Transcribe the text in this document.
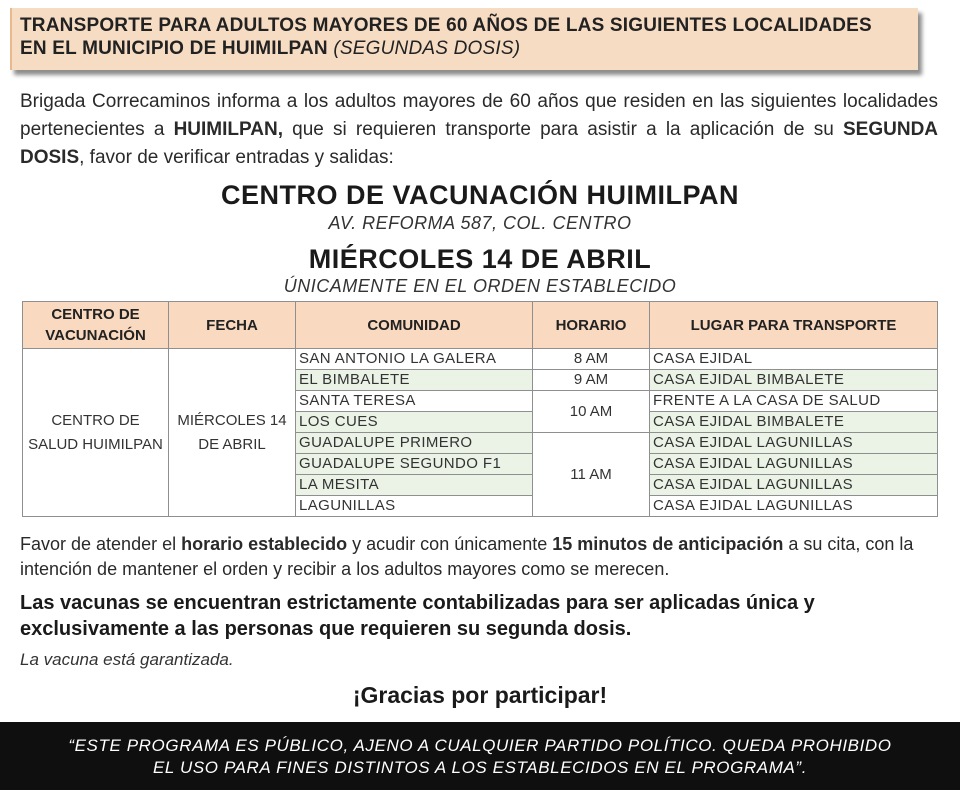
TRANSPORTE PARA ADULTOS MAYORES DE 60 AÑOS DE LAS SIGUIENTES LOCALIDADES
EN EL MUNICIPIO DE HUIMILPAN (SEGUNDAS DOSIS)
Brigada Correcaminos informa a los adultos mayores de 60 años que residen en las siguientes localidades pertenecientes a HUIMILPAN, que si requieren transporte para asistir a la aplicación de su SEGUNDA DOSIS, favor de verificar entradas y salidas:
CENTRO DE VACUNACIÓN HUIMILPAN
AV. REFORMA 587, COL. CENTRO
MIÉRCOLES 14 DE ABRIL
ÚNICAMENTE EN EL ORDEN ESTABLECIDO
CENTRO DE VACUNACIÓN	FECHA	COMUNIDAD	HORARIO	LUGAR PARA TRANSPORTE
CENTRO DE SALUD HUIMILPAN	MIÉRCOLES 14 DE ABRIL	SAN ANTONIO LA GALERA	8 AM	CASA EJIDAL
		EL BIMBALETE	9 AM	CASA EJIDAL BIMBALETE
		SANTA TERESA	10 AM	FRENTE A LA CASA DE SALUD
		LOS CUES		CASA EJIDAL BIMBALETE
		GUADALUPE PRIMERO	11 AM	CASA EJIDAL LAGUNILLAS
		GUADALUPE SEGUNDO F1		CASA EJIDAL LAGUNILLAS
		LA MESITA		CASA EJIDAL LAGUNILLAS
		LAGUNILLAS		CASA EJIDAL LAGUNILLAS
Favor de atender el horario establecido y acudir con únicamente 15 minutos de anticipación a su cita, con la intención de mantener el orden y recibir a los adultos mayores como se merecen.
Las vacunas se encuentran estrictamente contabilizadas para ser aplicadas única y exclusivamente a las personas que requieren su segunda dosis.
La vacuna está garantizada.
¡Gracias por participar!
“ESTE PROGRAMA ES PÚBLICO, AJENO A CUALQUIER PARTIDO POLÍTICO. QUEDA PROHIBIDO
EL USO PARA FINES DISTINTOS A LOS ESTABLECIDOS EN EL PROGRAMA”.
